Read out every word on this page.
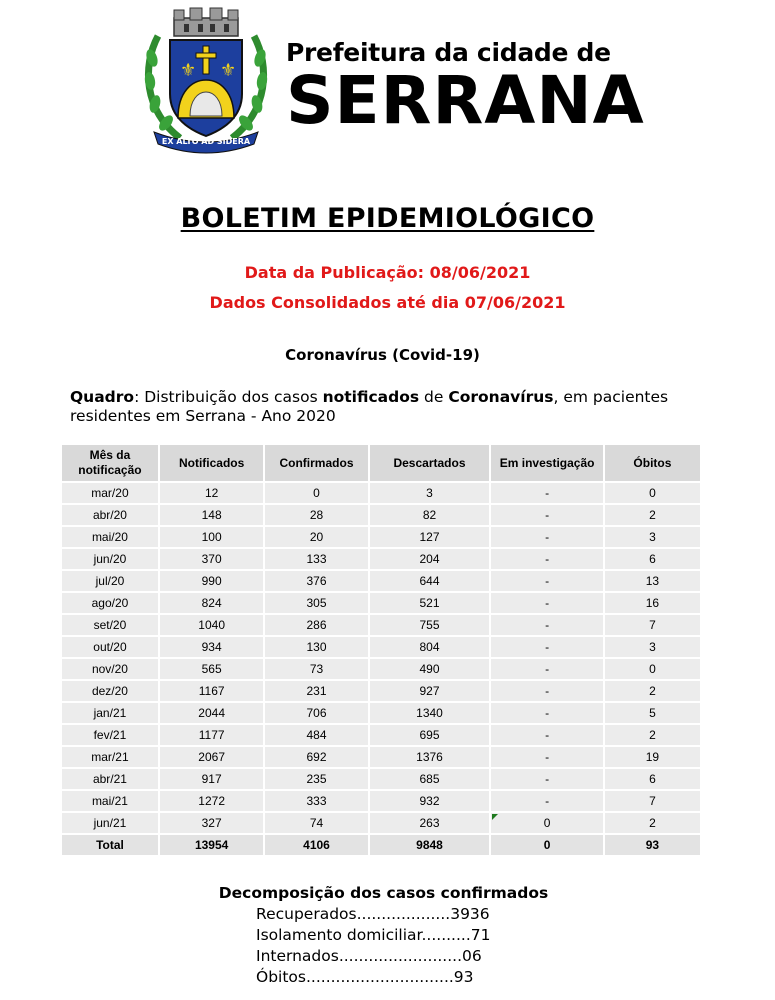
⚜ ⚜
EX ALTO AD SIDERA
Prefeitura da cidade de
SERRANA
BOLETIM EPIDEMIOLÓGICO
Data da Publicação: 08/06/2021
Dados Consolidados até dia 07/06/2021
Coronavírus (Covid-19)
Quadro: Distribuição dos casos notificados de Coronavírus, em pacientes residentes em Serrana - Ano 2020
Mês da notificação	Notificados	Confirmados	Descartados	Em investigação	Óbitos
mar/20	12	0	3	-	0
abr/20	148	28	82	-	2
mai/20	100	20	127	-	3
jun/20	370	133	204	-	6
jul/20	990	376	644	-	13
ago/20	824	305	521	-	16
set/20	1040	286	755	-	7
out/20	934	130	804	-	3
nov/20	565	73	490	-	0
dez/20	1167	231	927	-	2
jan/21	2044	706	1340	-	5
fev/21	1177	484	695	-	2
mar/21	2067	692	1376	-	19
abr/21	917	235	685	-	6
mai/21	1272	333	932	-	7
jun/21	327	74	263	0	2
Total	13954	4106	9848	0	93
Decomposição dos casos confirmados
Recuperados...................3936
Isolamento domiciliar..........71
Internados.........................06
Óbitos..............................93
